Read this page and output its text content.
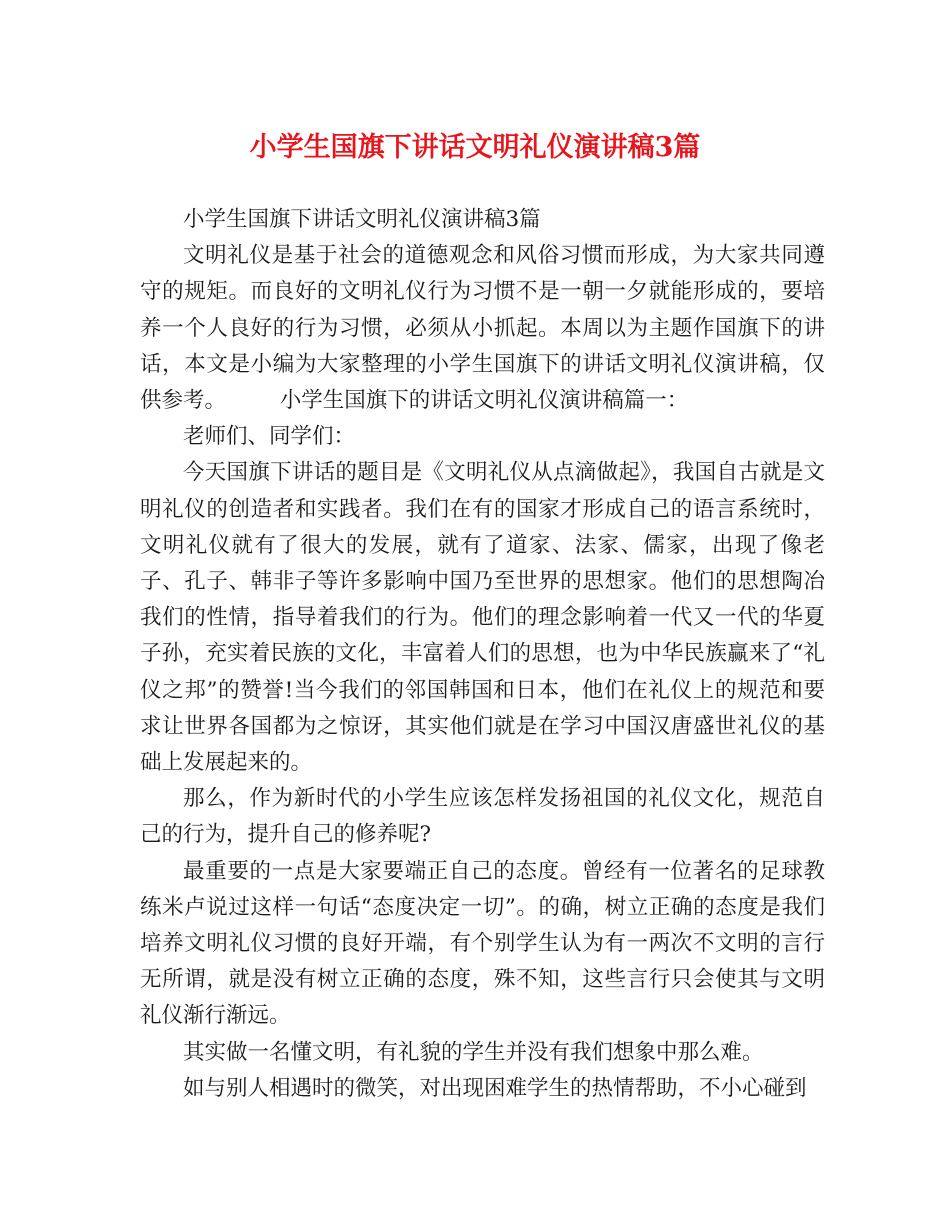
小学生国旗下讲话文明礼仪演讲稿3篇

小学生国旗下讲话文明礼仪演讲稿3篇

文明礼仪是基于社会的道德观念和风俗习惯而形成，为大家共同遵守的规矩。而良好的文明礼仪行为习惯不是一朝一夕就能形成的，要培养一个人良好的行为习惯，必须从小抓起。本周以为主题作国旗下的讲话，本文是小编为大家整理的小学生国旗下的讲话文明礼仪演讲稿，仅供参考。　　　小学生国旗下的讲话文明礼仪演讲稿篇一：

老师们、同学们：

今天国旗下讲话的题目是《文明礼仪从点滴做起》，我国自古就是文明礼仪的创造者和实践者。我们在有的国家才形成自己的语言系统时，文明礼仪就有了很大的发展，就有了道家、法家、儒家，出现了像老子、孔子、韩非子等许多影响中国乃至世界的思想家。他们的思想陶冶我们的性情，指导着我们的行为。他们的理念影响着一代又一代的华夏子孙，充实着民族的文化，丰富着人们的思想，也为中华民族赢来了“礼仪之邦”的赞誉!当今我们的邻国韩国和日本，他们在礼仪上的规范和要求让世界各国都为之惊讶，其实他们就是在学习中国汉唐盛世礼仪的基础上发展起来的。

那么，作为新时代的小学生应该怎样发扬祖国的礼仪文化，规范自己的行为，提升自己的修养呢?

最重要的一点是大家要端正自己的态度。曾经有一位著名的足球教练米卢说过这样一句话“态度决定一切”。的确，树立正确的态度是我们培养文明礼仪习惯的良好开端，有个别学生认为有一两次不文明的言行无所谓，就是没有树立正确的态度，殊不知，这些言行只会使其与文明礼仪渐行渐远。

其实做一名懂文明，有礼貌的学生并没有我们想象中那么难。

如与别人相遇时的微笑，对出现困难学生的热情帮助，不小心碰到
